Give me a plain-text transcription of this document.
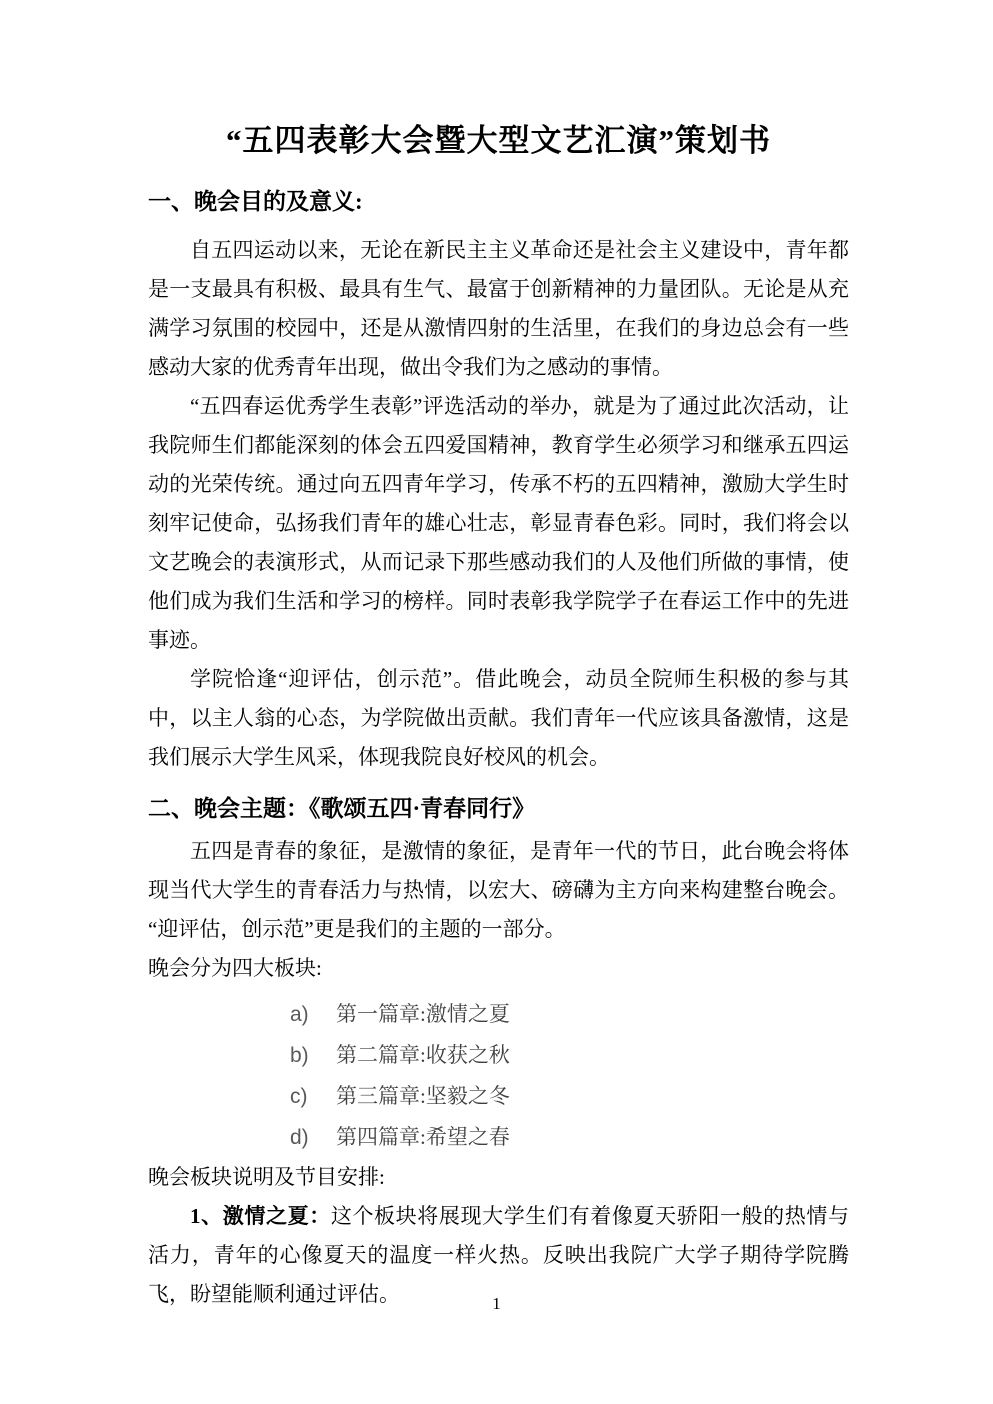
“五四表彰大会暨大型文艺汇演”策划书
一、晚会目的及意义:

自五四运动以来，无论在新民主主义革命还是社会主义建设中，青年都是一支最具有积极、最具有生气、最富于创新精神的力量团队。无论是从充满学习氛围的校园中，还是从激情四射的生活里，在我们的身边总会有一些感动大家的优秀青年出现，做出令我们为之感动的事情。

“五四春运优秀学生表彰”评选活动的举办，就是为了通过此次活动，让我院师生们都能深刻的体会五四爱国精神，教育学生必须学习和继承五四运动的光荣传统。通过向五四青年学习，传承不朽的五四精神，激励大学生时刻牢记使命，弘扬我们青年的雄心壮志，彰显青春色彩。同时，我们将会以文艺晚会的表演形式，从而记录下那些感动我们的人及他们所做的事情，使他们成为我们生活和学习的榜样。同时表彰我学院学子在春运工作中的先进事迹。

学院恰逢“迎评估，创示范”。借此晚会，动员全院师生积极的参与其中，以主人翁的心态，为学院做出贡献。我们青年一代应该具备激情，这是我们展示大学生风采，体现我院良好校风的机会。

二、晚会主题：《歌颂五四·青春同行》

五四是青春的象征，是激情的象征，是青年一代的节日，此台晚会将体现当代大学生的青春活力与热情，以宏大、磅礴为主方向来构建整台晚会。“迎评估，创示范”更是我们的主题的一部分。

晚会分为四大板块:

a) 第一篇章:激情之夏
b) 第二篇章:收获之秋
c) 第三篇章:坚毅之冬
d) 第四篇章:希望之春

晚会板块说明及节目安排:

1、激情之夏：这个板块将展现大学生们有着像夏天骄阳一般的热情与活力，青年的心像夏天的温度一样火热。反映出我院广大学子期待学院腾飞，盼望能顺利通过评估。	1
